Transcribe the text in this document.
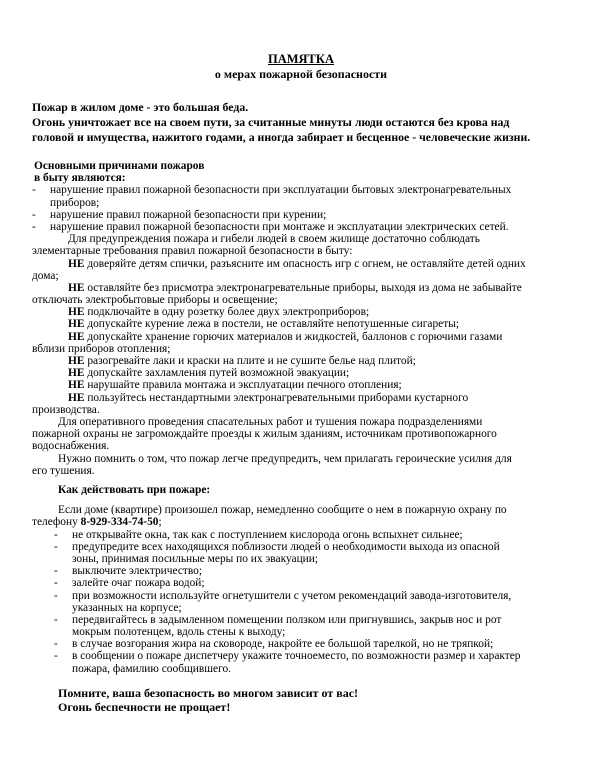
ПАМЯТКА
о мерах пожарной безопасности
Пожар в жилом доме - это большая беда.
Огонь уничтожает все на своем пути, за считанные минуты люди остаются без крова над
головой и имущества, нажитого годами, а иногда забирает и бесценное - человеческие жизни.
Основными причинами пожаров
в быту являются:
- нарушение правил пожарной безопасности при эксплуатации бытовых электронагревательных
приборов;
- нарушение правил пожарной безопасности при курении;
- нарушение правил пожарной безопасности при монтаже и эксплуатации электрических сетей.
Для предупреждения пожара и гибели людей в своем жилище достаточно соблюдать
элементарные требования правил пожарной безопасности в быту:
НЕ доверяйте детям спички, разъясните им опасность игр с огнем, не оставляйте детей одних
дома;
НЕ оставляйте без присмотра электронагревательные приборы, выходя из дома не забывайте
отключать электробытовые приборы и освещение;
НЕ подключайте в одну розетку более двух электроприборов;
НЕ допускайте курение лежа в постели, не оставляйте непотушенные сигареты;
НЕ допускайте хранение горючих материалов и жидкостей, баллонов с горючими газами
вблизи приборов отопления;
НЕ разогревайте лаки и краски на плите и не сушите белье над плитой;
НЕ допускайте захламления путей возможной эвакуации;
НЕ нарушайте правила монтажа и эксплуатации печного отопления;
НЕ пользуйтесь нестандартными электронагревательными приборами кустарного
производства.
Для оперативного проведения спасательных работ и тушения пожара подразделениями
пожарной охраны не загромождайте проезды к жилым зданиям, источникам противопожарного
водоснабжения.
Нужно помнить о том, что пожар легче предупредить, чем прилагать героические усилия для
его тушения.
Как действовать при пожаре:
Если доме (квартире) произошел пожар, немедленно сообщите о нем в пожарную охрану по
телефону 8-929-334-74-50;
- не открывайте окна, так как с поступлением кислорода огонь вспыхнет сильнее;
- предупредите всех находящихся поблизости людей о необходимости выхода из опасной
зоны, принимая посильные меры по их эвакуации;
- выключите электричество;
- залейте очаг пожара водой;
- при возможности используйте огнетушители с учетом рекомендаций завода-изготовителя,
указанных на корпусе;
- передвигайтесь в задымленном помещении ползком или пригнувшись, закрыв нос и рот
мокрым полотенцем, вдоль стены к выходу;
- в случае возгорания жира на сковороде, накройте ее большой тарелкой, но не тряпкой;
- в сообщении о пожаре диспетчеру укажите точноеместо, по возможности размер и характер
пожара, фамилию сообщившего.
Помните, ваша безопасность во многом зависит от вас!
Огонь беспечности не прощает!
